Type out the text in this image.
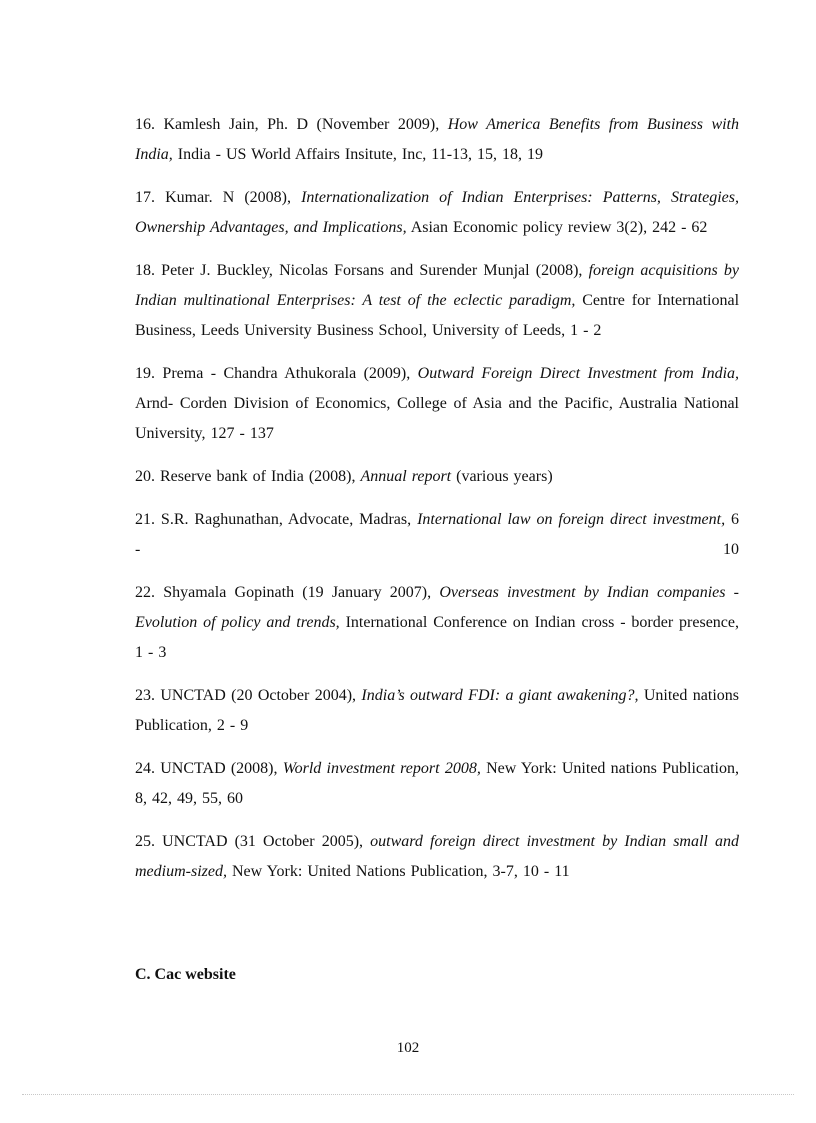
16. Kamlesh Jain, Ph. D (November 2009), How America Benefits from Business with India, India - US World Affairs Insitute, Inc, 11-13, 15, 18, 19

17. Kumar. N (2008), Internationalization of Indian Enterprises: Patterns, Strategies, Ownership Advantages, and Implications, Asian Economic policy review 3(2), 242 - 62

18. Peter J. Buckley, Nicolas Forsans and Surender Munjal (2008), foreign acquisitions by Indian multinational Enterprises: A test of the eclectic paradigm, Centre for International Business, Leeds University Business School, University of Leeds, 1 - 2

19. Prema - Chandra Athukorala (2009), Outward Foreign Direct Investment from India, Arnd- Corden Division of Economics, College of Asia and the Pacific, Australia National University, 127 - 137

20. Reserve bank of India (2008), Annual report (various years)

21. S.R. Raghunathan, Advocate, Madras, International law on foreign direct investment, 6 - 10

22. Shyamala Gopinath (19 January 2007), Overseas investment by Indian companies - Evolution of policy and trends, International Conference on Indian cross - border presence, 1 - 3

23. UNCTAD (20 October 2004), India’s outward FDI: a giant awakening?, United nations Publication, 2 - 9

24. UNCTAD (2008), World investment report 2008, New York: United nations Publication, 8, 42, 49, 55, 60

25. UNCTAD (31 October 2005), outward foreign direct investment by Indian small and medium-sized, New York: United Nations Publication, 3-7, 10 - 11

C. Cac website

102
